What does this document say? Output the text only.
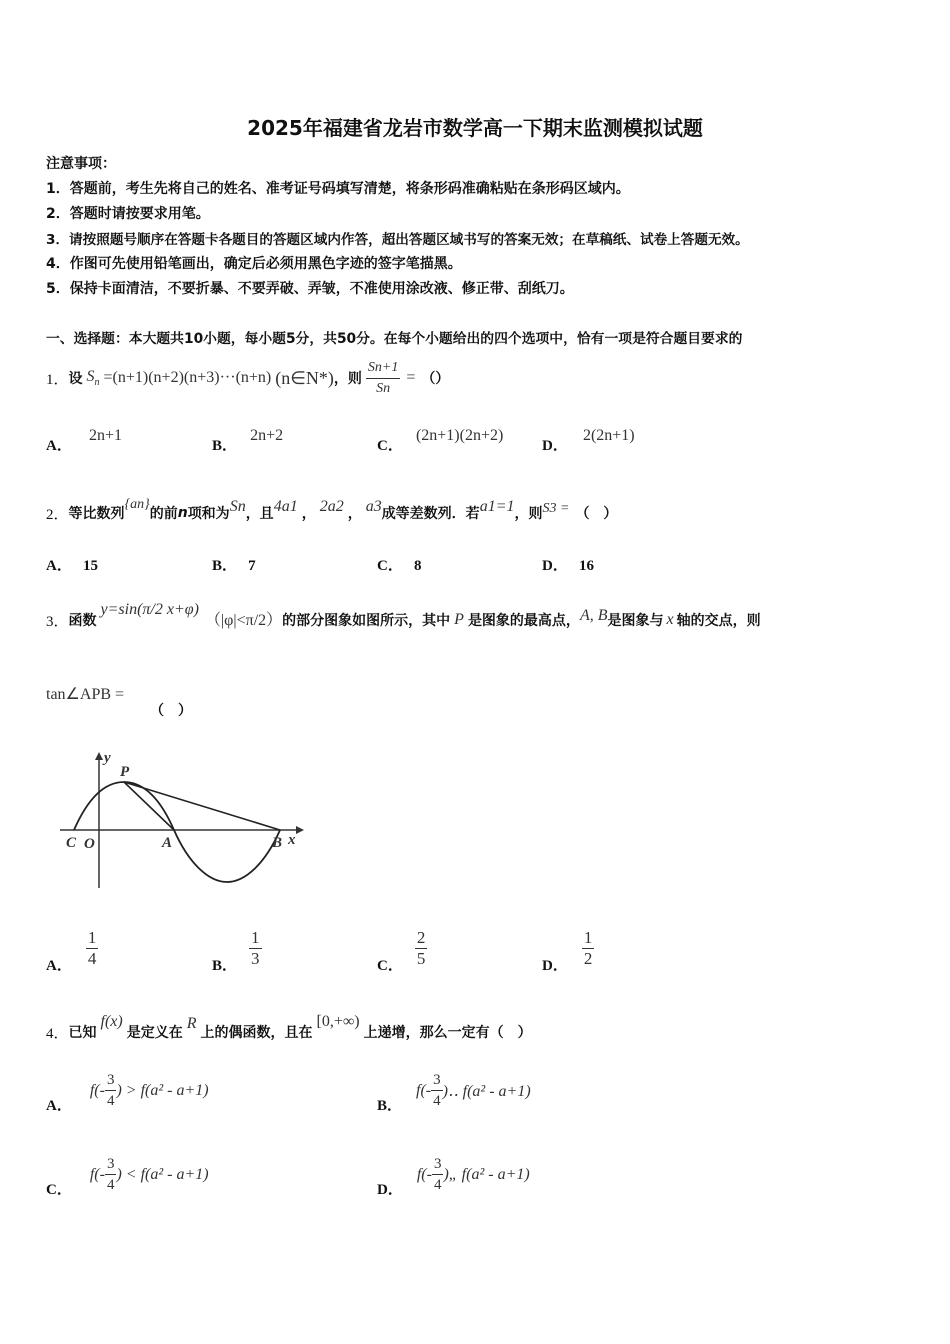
2025年福建省龙岩市数学高一下期末监测模拟试题
注意事项：
1．答题前，考生先将自己的姓名、准考证号码填写清楚，将条形码准确粘贴在条形码区域内。
2．答题时请按要求用笔。
3．请按照题号顺序在答题卡各题目的答题区域内作答，超出答题区域书写的答案无效；在草稿纸、试卷上答题无效。
4．作图可先使用铅笔画出，确定后必须用黑色字迹的签字笔描黑。
5．保持卡面清洁，不要折暴、不要弄破、弄皱，不准使用涂改液、修正带、刮纸刀。
一、选择题：本大题共10小题，每小题5分，共50分。在每个小题给出的四个选项中，恰有一项是符合题目要求的
1． 设 $S_n =(n+1)(n+2)(n+3)\cdot\cdot\cdot(n+n)$ (n∈N*) ，则 $\frac{Sn+1}{Sn}$ = （）
A． 2n+1
B． 2n+2
C． (2n+1)(2n+2)
D． 2(2n+1)
2． 等比数列
{an}
的前 n 项和为 Sn ，且 4a1 ， 2a2 ， a3 成等差数列．若 a1=1 ，则 S3 = （　）
A． 15	B． 7	C． 8	D． 16
3． 函数
y=sin(π/2 x+φ)
（|φ|<π/2） 的部分图象如图所示，其中 P 是图象的最高点， A, B 是图象与 x 轴的交点，则
tan∠APB =
（　）
y
P
C O	A	B x
A． $\frac{1}{4}$	B． $\frac{1}{3}$	C． $\frac{2}{5}$	D． $\frac{1}{2}$
4． 已知
f(x)
是定义在
R
上的偶函数，且在
[0,+∞)
上递增，那么一定有（　）
A．
$f(- \frac{3}{4}$ ) > f(a² - a+1)
B．
$f(- \frac{3}{4}$ )‥ f(a² - a+1)
C．
$f(- \frac{3}{4}$ ) < f(a² - a+1)
D．
$f(- \frac{3}{4}$ )„ f(a² - a+1)
